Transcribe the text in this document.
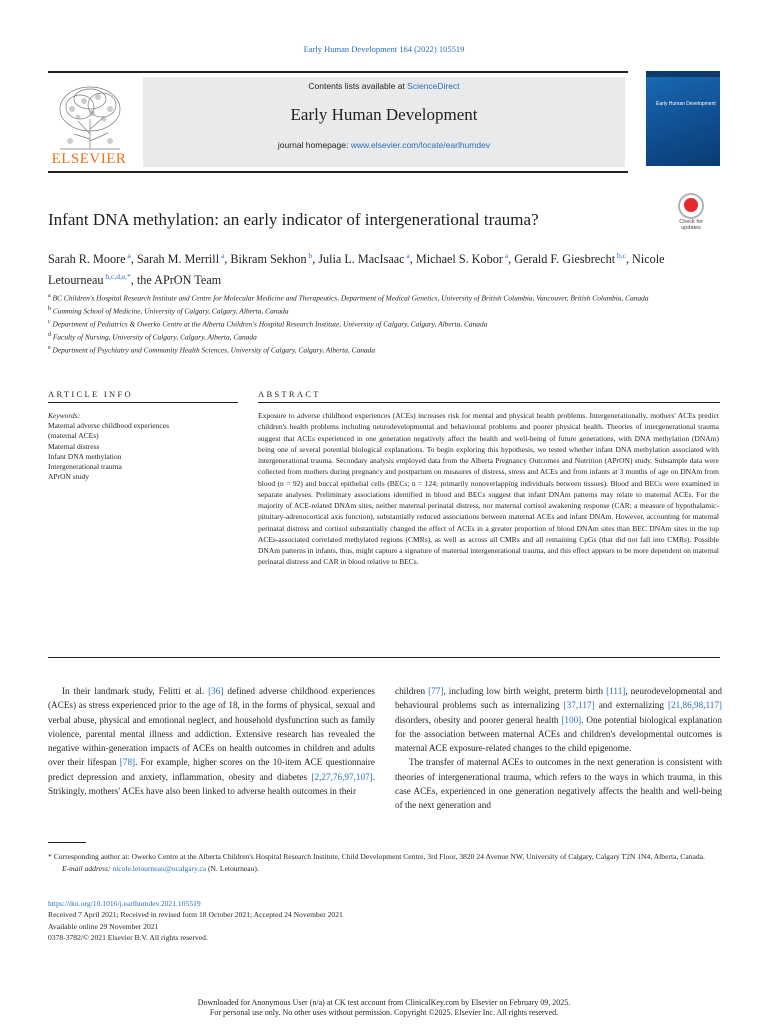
Early Human Development 164 (2022) 105519
ELSEVIER
Contents lists available at ScienceDirect
Early Human Development
journal homepage: www.elsevier.com/locate/earlhumdev
Early Human Development
Check for
updates
Infant DNA methylation: an early indicator of intergenerational trauma?
Sarah R. Moore $^a$, Sarah M. Merrill $^a$, Bikram Sekhon $^b$, Julia L. MacIsaac $^a$, Michael S. Kobor $^a$, Gerald F. Giesbrecht $^{b,c}$, Nicole Letourneau $^{b,c,d,e,*}$, the APrON Team
$^a$ BC Children's Hospital Research Institute and Centre for Molecular Medicine and Therapeutics, Department of Medical Genetics, University of British Columbia, Vancouver, British Columbia, Canada
$^b$ Cumming School of Medicine, University of Calgary, Calgary, Alberta, Canada
$^c$ Department of Pediatrics & Owerko Centre at the Alberta Children's Hospital Research Institute, University of Calgary, Calgary, Alberta, Canada
$^d$ Faculty of Nursing, University of Calgary, Calgary, Alberta, Canada
$^e$ Department of Psychiatry and Community Health Sciences, University of Calgary, Calgary, Alberta, Canada
ARTICLE INFO	ABSTRACT
Keywords:
Maternal adverse childhood experiences
(maternal ACEs)
Maternal distress
Infant DNA methylation
Intergenerational trauma
APrON study
Exposure to adverse childhood experiences (ACEs) increases risk for mental and physical health problems. Intergenerationally, mothers' ACEs predict children's health problems including neurodevelopmental and behavioural problems and poorer physical health. Theories of intergenerational trauma suggest that ACEs experienced in one generation negatively affect the health and well-being of future generations, with DNA methylation (DNAm) being one of several potential biological explanations. To begin exploring this hypothesis, we tested whether infant DNA methylation associated with intergenerational trauma. Secondary analysis employed data from the Alberta Pregnancy Outcomes and Nutrition (APrON) study. Subsample data were collected from mothers during pregnancy and postpartum on measures of distress, stress and ACEs and from infants at 3 months of age on DNAm from blood (n = 92) and buccal epithelial cells (BECs; n = 124; primarily nonoverlapping individuals between tissues). Blood and BECs were examined in separate analyses. Preliminary associations identified in blood and BECs suggest that infant DNAm patterns may relate to maternal ACEs. For the majority of ACE-related DNAm sites, neither maternal perinatal distress, nor maternal cortisol awakening response (CAR; a measure of hypothalamic-pituitary-adrenocortical axis function), substantially reduced associations between maternal ACEs and infant DNAm. However, accounting for maternal perinatal distress and cortisol substantially changed the effect of ACEs in a greater proportion of blood DNAm sites than BEC DNAm sites in the top ACEs-associated correlated methylated regions (CMRs), as well as across all CMRs and all remaining CpGs (that did not fall into CMRs). Possible DNAm patterns in infants, thus, might capture a signature of maternal intergenerational trauma, and this effect appears to be more dependent on maternal perinatal distress and CAR in blood relative to BECs.

In their landmark study, Felitti et al. [36] defined adverse childhood experiences (ACEs) as stress experienced prior to the age of 18, in the forms of physical, sexual and verbal abuse, physical and emotional neglect, and household dysfunction such as family violence, parental mental illness and addiction. Extensive research has revealed the negative within-generation impacts of ACEs on health outcomes in children and adults over their lifespan [78]. For example, higher scores on the 10-item ACE questionnaire predict depression and anxiety, inflammation, obesity and diabetes [2,27,76,97,107]. Strikingly, mothers' ACEs have also been linked to adverse health outcomes in their

children [77], including low birth weight, preterm birth [111], neurodevelopmental and behavioural problems such as internalizing [37,117] and externalizing [21,86,98,117] disorders, obesity and poorer general health [100]. One potential biological explanation for the association between maternal ACEs and children's developmental outcomes is maternal ACE exposure-related changes to the child epigenome.

The transfer of maternal ACEs to outcomes in the next generation is consistent with theories of intergenerational trauma, which refers to the ways in which trauma, in this case ACEs, experienced in one generation negatively affects the health and well-being of the next generation and

* Corresponding author at: Owerko Centre at the Alberta Children's Hospital Research Institute, Child Development Centre, 3rd Floor, 3820 24 Avenue NW, University of Calgary, Calgary T2N 1N4, Alberta, Canada.
E-mail address: nicole.letourneau@ucalgary.ca (N. Letourneau).
https://doi.org/10.1016/j.earlhumdev.2021.105519
Received 7 April 2021; Received in revised form 18 October 2021; Accepted 24 November 2021
Available online 29 November 2021
0378-3782/© 2021 Elsevier B.V. All rights reserved.
Downloaded for Anonymous User (n/a) at CK test account from ClinicalKey.com by Elsevier on February 09, 2025.
For personal use only. No other uses without permission. Copyright ©2025. Elsevier Inc. All rights reserved.
